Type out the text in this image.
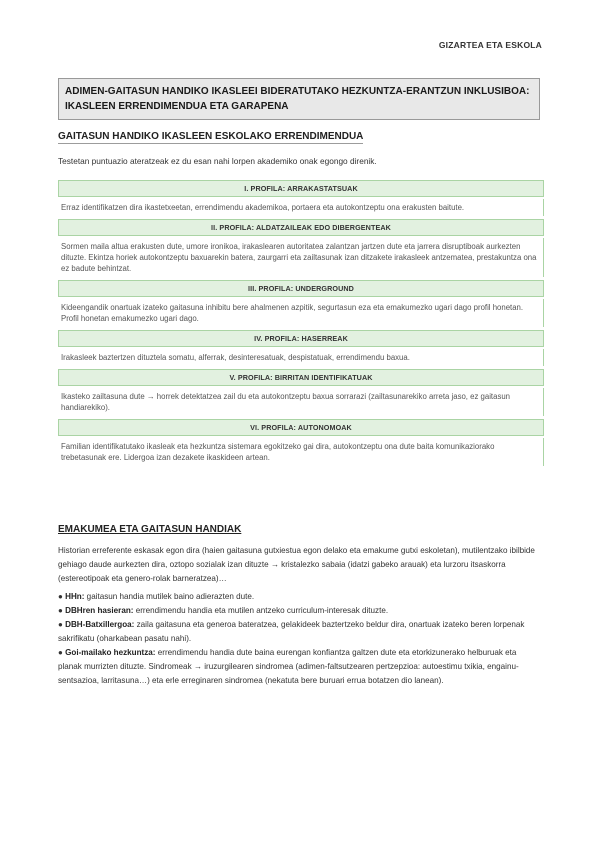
GIZARTEA ETA ESKOLA
ADIMEN-GAITASUN HANDIKO IKASLEEI BIDERATUTAKO HEZKUNTZA-ERANTZUN INKLUSIBOA: IKASLEEN ERRENDIMENDUA ETA GARAPENA
GAITASUN HANDIKO IKASLEEN ESKOLAKO ERRENDIMENDUA
Testetan puntuazio ateratzeak ez du esan nahi lorpen akademiko onak egongo direnik.
I. PROFILA: ARRAKASTATSUAK
Erraz identifikatzen dira ikastetxeetan, errendimendu akademikoa, portaera eta autokontzeptu ona erakusten baitute.
II. PROFILA: ALDATZAILEAK EDO DIBERGENTEAK
Sormen maila altua erakusten dute, umore ironikoa, irakaslearen autoritatea zalantzan jartzen dute eta jarrera disruptiboak aurkezten dituzte. Ekintza horiek autokontzeptu baxuarekin batera, zaurgarri eta zailtasunak izan ditzakete irakasleek antzematea, prestakuntza ona ez badute behintzat.
III. PROFILA: UNDERGROUND
Kideengandik onartuak izateko gaitasuna inhibitu bere ahalmenen azpitik, segurtasun eza eta emakumezko ugari dago profil honetan. Profil honetan emakumezko ugari dago.
IV. PROFILA: HASERREAK
Irakasleek baztertzen dituztela somatu, alferrak, desinteresatuak, despistatuak, errendimendu baxua.
V. PROFILA: BIRRITAN IDENTIFIKATUAK
Ikasteko zailtasuna dute → horrek detektatzea zail du eta autokontzeptu baxua sorrarazi (zailtasunarekiko arreta jaso, ez gaitasun handiarekiko).
VI. PROFILA: AUTONOMOAK
Familian identifikatutako ikasleak eta hezkuntza sistemara egokitzeko gai dira, autokontzeptu ona dute baita komunikaziorako trebetasunak ere. Lidergoa izan dezakete ikaskideen artean.
EMAKUMEA ETA GAITASUN HANDIAK

Historian erreferente eskasak egon dira (haien gaitasuna gutxiestua egon delako eta emakume gutxi eskoletan), mutilentzako ibilbide gehiago daude aurkezten dira, oztopo sozialak izan dituzte → kristalezko sabaia (idatzi gabeko arauak) eta lurzoru itsaskorra (estereotipoak eta genero-rolak barneratzea)…

● HHn: gaitasun handia mutilek baino adierazten dute.
● DBHren hasieran: errendimendu handia eta mutilen antzeko curriculum-interesak dituzte.
● DBH-Batxillergoa: zaila gaitasuna eta generoa bateratzea, gelakideek baztertzeko beldur dira, onartuak izateko beren lorpenak sakrifikatu (oharkabean pasatu nahi).
● Goi-mailako hezkuntza: errendimendu handia dute baina eurengan konfiantza galtzen dute eta etorkizunerako helburuak eta planak murrizten dituzte. Sindromeak → iruzurgilearen sindromea (adimen-faltsutzearen pertzepzioa: autoestimu txikia, engainu-sentsazioa, larritasuna…) eta erle erreginaren sindromea (nekatuta bere buruari errua botatzen dio lanean).
